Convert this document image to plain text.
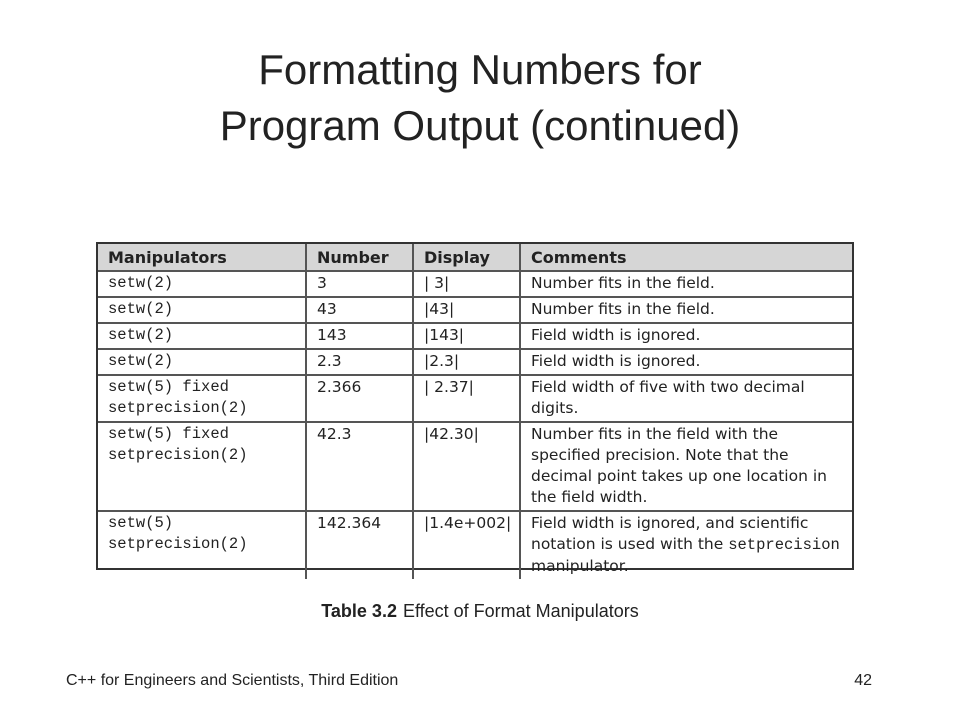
Formatting Numbers for
Program Output (continued)
Manipulators	Number	Display	Comments
setw(2)	3	| 3|	Number fits in the field.
setw(2)	43	|43|	Number fits in the field.
setw(2)	143	|143|	Field width is ignored.
setw(2)	2.3	|2.3|	Field width is ignored.

setw(5) fixed
setprecision(2)	2.366	| 2.37|	Field width of five with two decimal digits.

setw(5) fixed
setprecision(2)	42.3	|42.30|	Number fits in the field with the specified precision. Note that the decimal point takes up one location in the field width.

setw(5)
setprecision(2)	142.364	|1.4e+002|	Field width is ignored, and scientific notation is used with the setprecision manipulator.
Table 3.2 Effect of Format Manipulators
C++ for Engineers and Scientists, Third Edition	42
